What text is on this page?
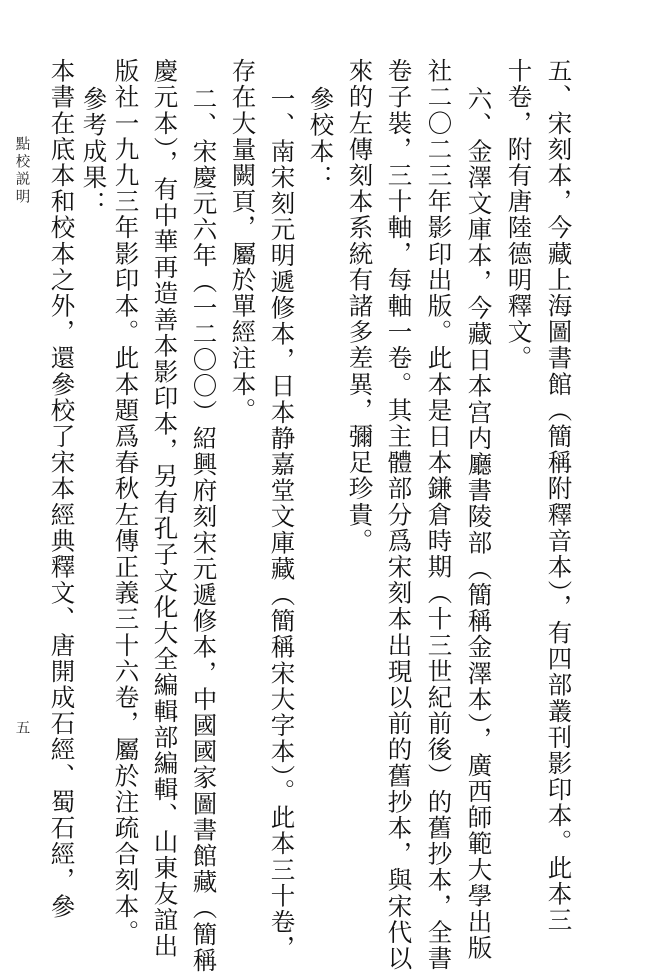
五、宋刻本，今藏上海圖書館（簡稱附釋音本），有四部叢刊影印本。此本三
十卷，附有唐陸德明釋文。
六、金澤文庫本，今藏日本宫内廳書陵部（簡稱金澤本），廣西師範大學出版
社二〇二三年影印出版。此本是日本鎌倉時期（十三世紀前後）的舊抄本，全書
卷子裝，三十軸，每軸一卷。其主體部分爲宋刻本出現以前的舊抄本，與宋代以
來的左傳刻本系統有諸多差異，彌足珍貴。
參校本：
一、南宋刻元明遞修本，日本静嘉堂文庫藏（簡稱宋大字本）。此本三十卷，
存在大量闕頁，屬於單經注本。
二、宋慶元六年（一二〇〇）紹興府刻宋元遞修本，中國國家圖書館藏（簡稱
慶元本），有中華再造善本影印本，另有孔子文化大全編輯部編輯、山東友誼出
版社一九九三年影印本。此本題爲春秋左傳正義三十六卷，屬於注疏合刻本。
參考成果：
本書在底本和校本之外，還參校了宋本經典釋文、唐開成石經、蜀石經，參
點校説明
五
